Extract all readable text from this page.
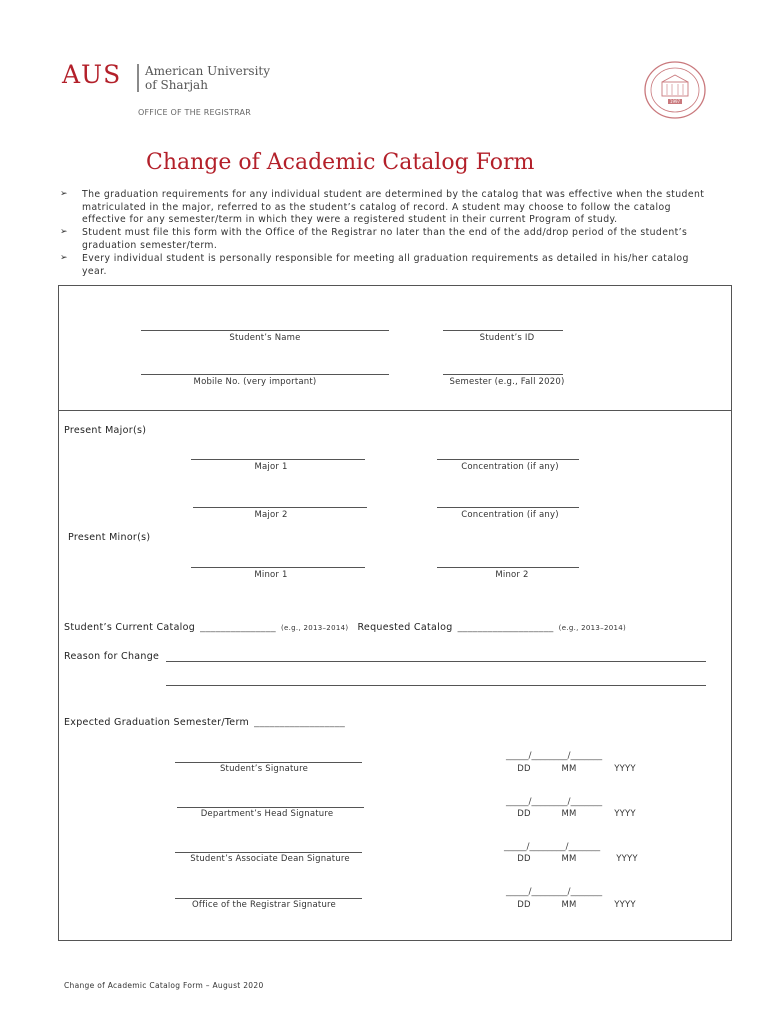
AUS American University
of Sharjah
OFFICE OF THE REGISTRAR
1997
Change of Academic Catalog Form
➢ The graduation requirements for any individual student are determined by the catalog that was effective when the student
matriculated in the major, referred to as the student’s catalog of record. A student may choose to follow the catalog
effective for any semester/term in which they were a registered student in their current Program of study.
➢ Student must file this form with the Office of the Registrar no later than the end of the add/drop period of the student’s
graduation semester/term.
➢ Every individual student is personally responsible for meeting all graduation requirements as detailed in his/her catalog
year.
Student’s Name	Student’s ID
Mobile No. (very important)	Semester (e.g., Fall 2020)
Present Major(s)
Major 1	Concentration (if any)
Major 2	Concentration (if any)
Present Minor(s)
Minor 1	Minor 2
Student’s Current Catalog _______________ (e.g., 2013–2014) Requested Catalog ___________________ (e.g., 2013–2014)
Reason for Change
Expected Graduation Semester/Term __________________
Student’s Signature
_____/________/_______
DD	MM	YYYY
Department’s Head Signature
_____/________/_______
DD	MM	YYYY
Student’s Associate Dean Signature
_____/________/_______
DD	MM	YYYY
Office of the Registrar Signature
_____/________/_______
DD	MM	YYYY
Change of Academic Catalog Form – August 2020
